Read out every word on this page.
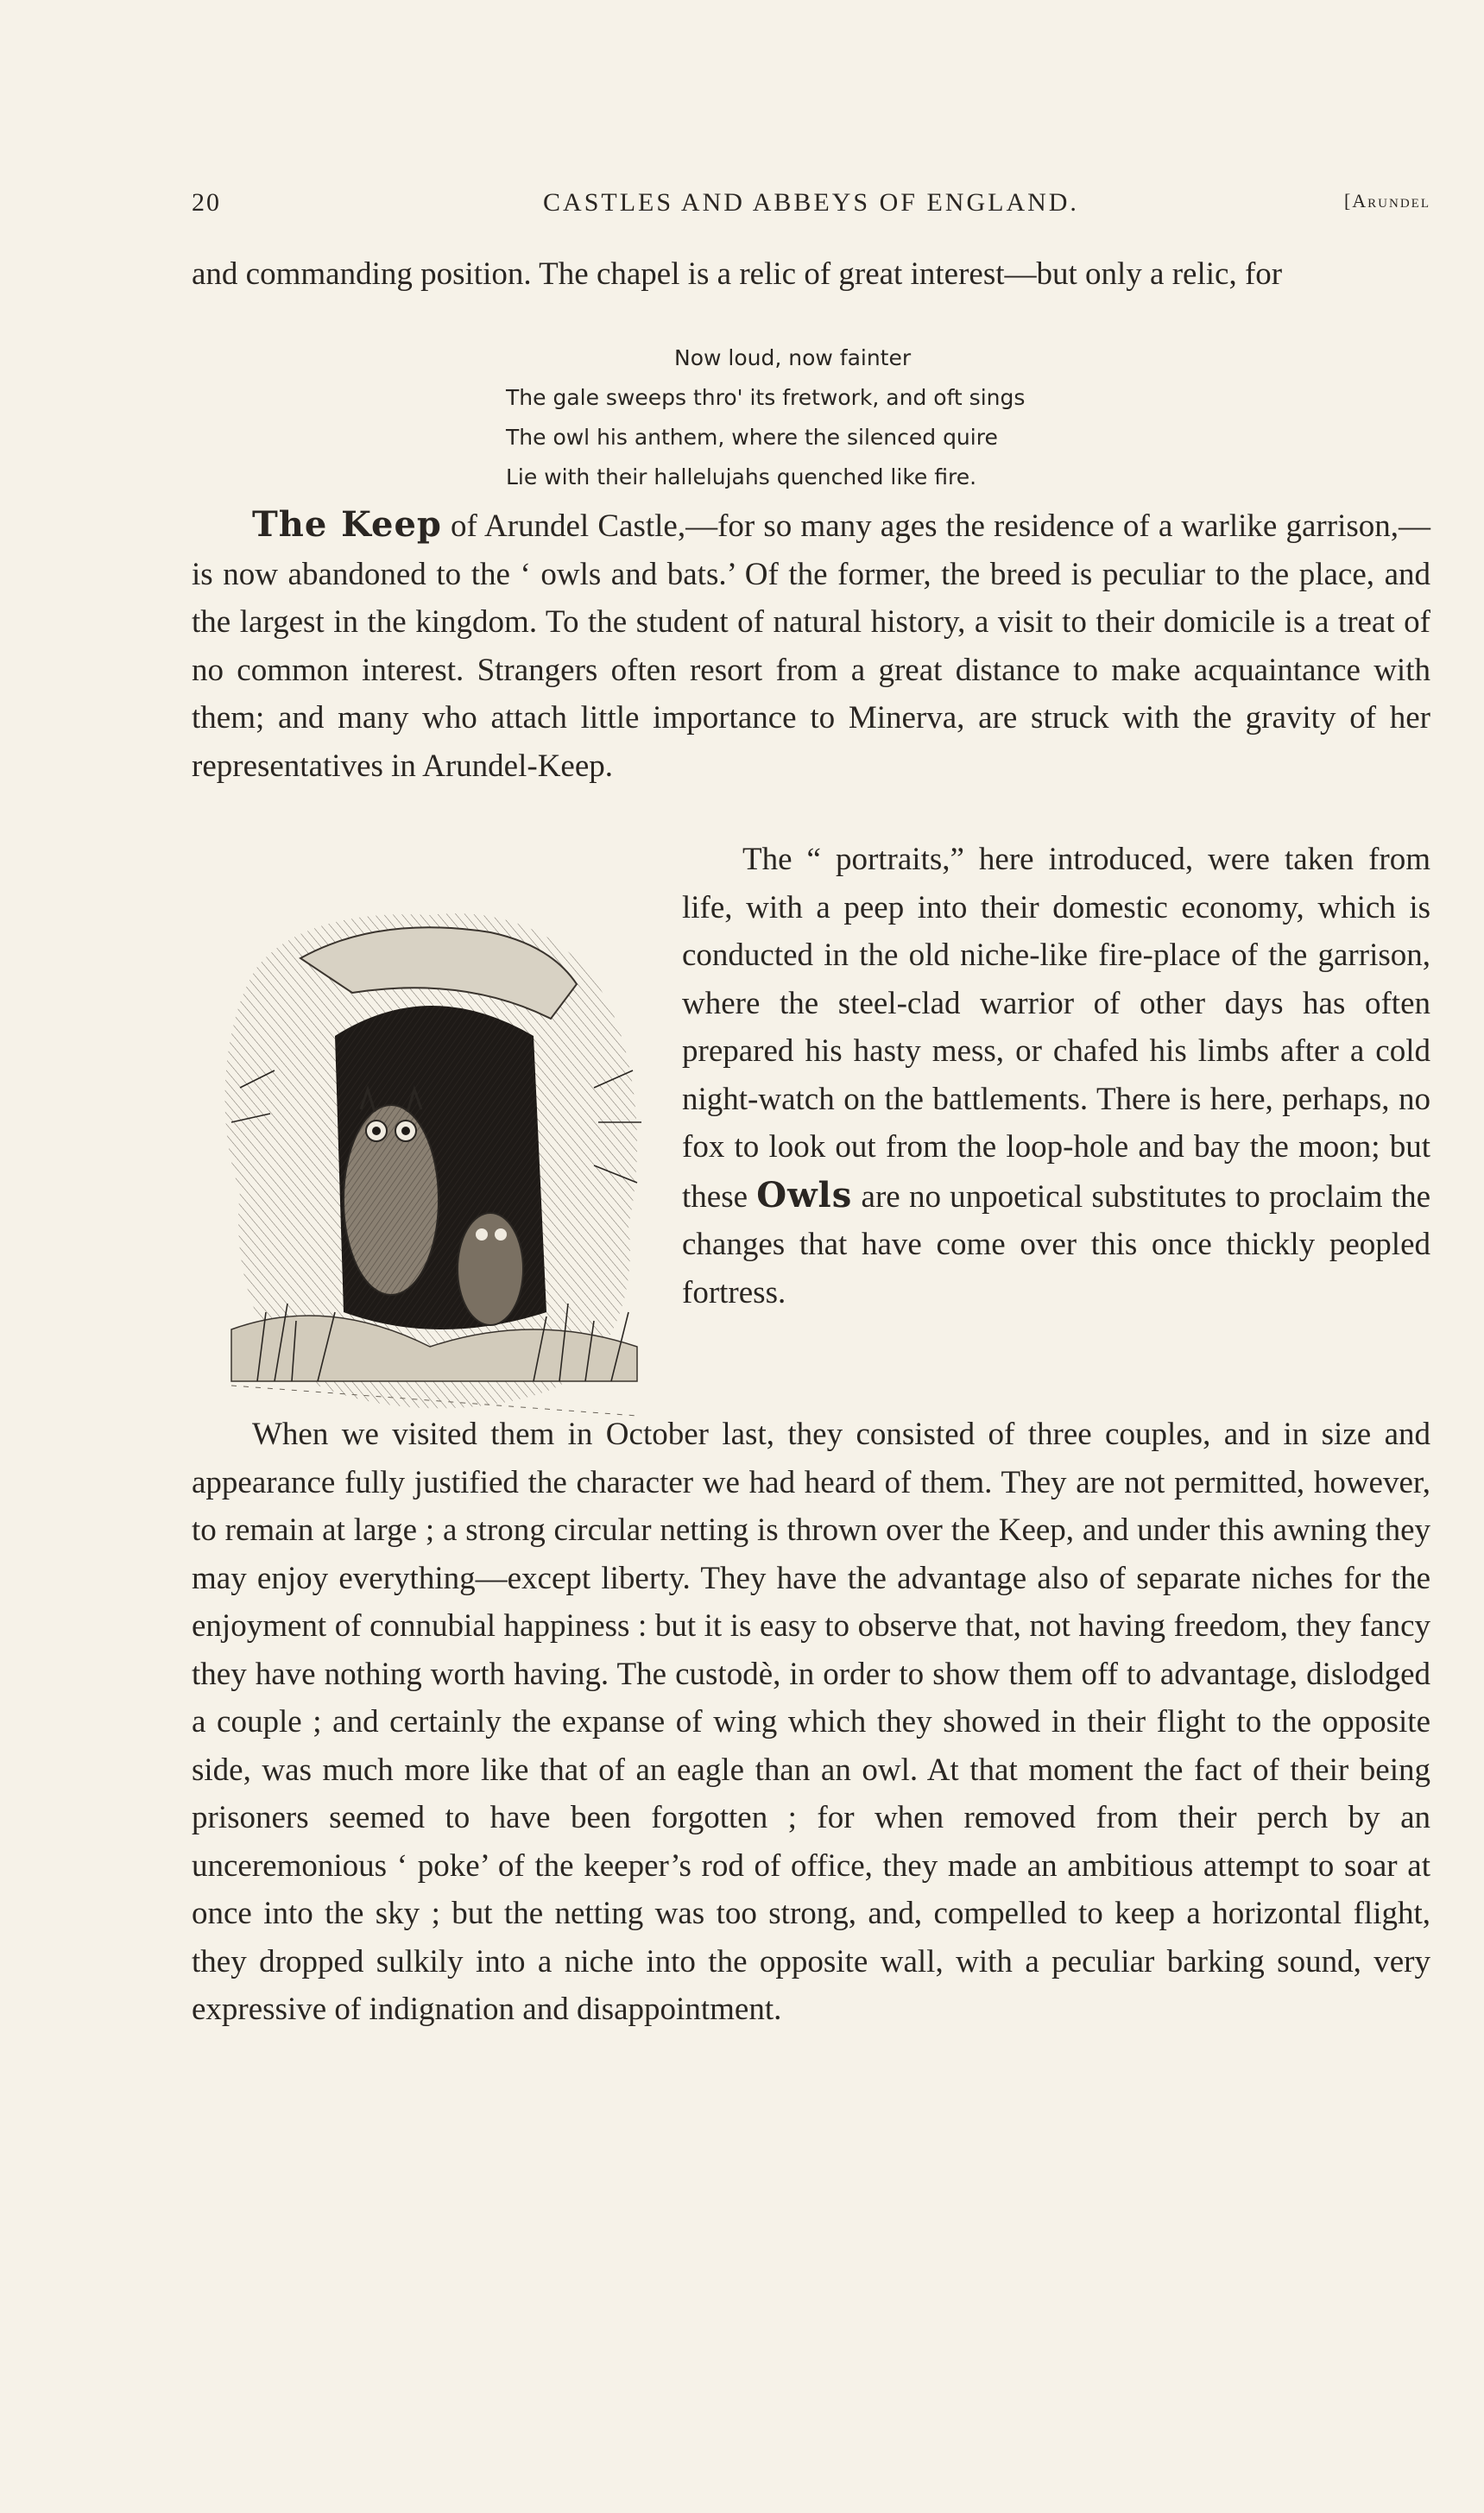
20	CASTLES AND ABBEYS OF ENGLAND.	[Arundel

and commanding position. The chapel is a relic of great interest—but only a relic, for

Now loud, now fainter
The gale sweeps thro' its fretwork, and oft sings
The owl his anthem, where the silenced quire
Lie with their hallelujahs quenched like fire.

The Keep of Arundel Castle,—for so many ages the residence of a warlike garrison,—is now abandoned to the ‘ owls and bats.’ Of the former, the breed is peculiar to the place, and the largest in the kingdom. To the student of natural history, a visit to their domicile is a treat of no common interest. Strangers often resort from a great distance to make acquaintance with them; and many who attach little importance to Minerva, are struck with the gravity of her representatives in Arundel-Keep.

The “ portraits,” here introduced, were taken from life, with a peep into their domestic economy, which is conducted in the old niche-like fire-place of the garrison, where the steel-clad warrior of other days has often prepared his hasty mess, or chafed his limbs after a cold night-watch on the battlements. There is here, perhaps, no fox to look out from the loop-hole and bay the moon; but these Owls are no unpoetical substitutes to proclaim the changes that have come over this once thickly peopled fortress.

When we visited them in October last, they consisted of three couples, and in size and appearance fully justified the character we had heard of them. They are not permitted, however, to remain at large ; a strong circular netting is thrown over the Keep, and under this awning they may enjoy everything—except liberty. They have the advantage also of separate niches for the enjoyment of connubial happiness : but it is easy to observe that, not having freedom, they fancy they have nothing worth having. The custodè, in order to show them off to advantage, dislodged a couple ; and certainly the expanse of wing which they showed in their flight to the opposite side, was much more like that of an eagle than an owl. At that moment the fact of their being prisoners seemed to have been forgotten ; for when removed from their perch by an unceremonious ‘ poke’ of the keeper’s rod of office, they made an ambitious attempt to soar at once into the sky ; but the netting was too strong, and, compelled to keep a horizontal flight, they dropped sulkily into a niche into the opposite wall, with a peculiar barking sound, very expressive of indignation and disappointment.
